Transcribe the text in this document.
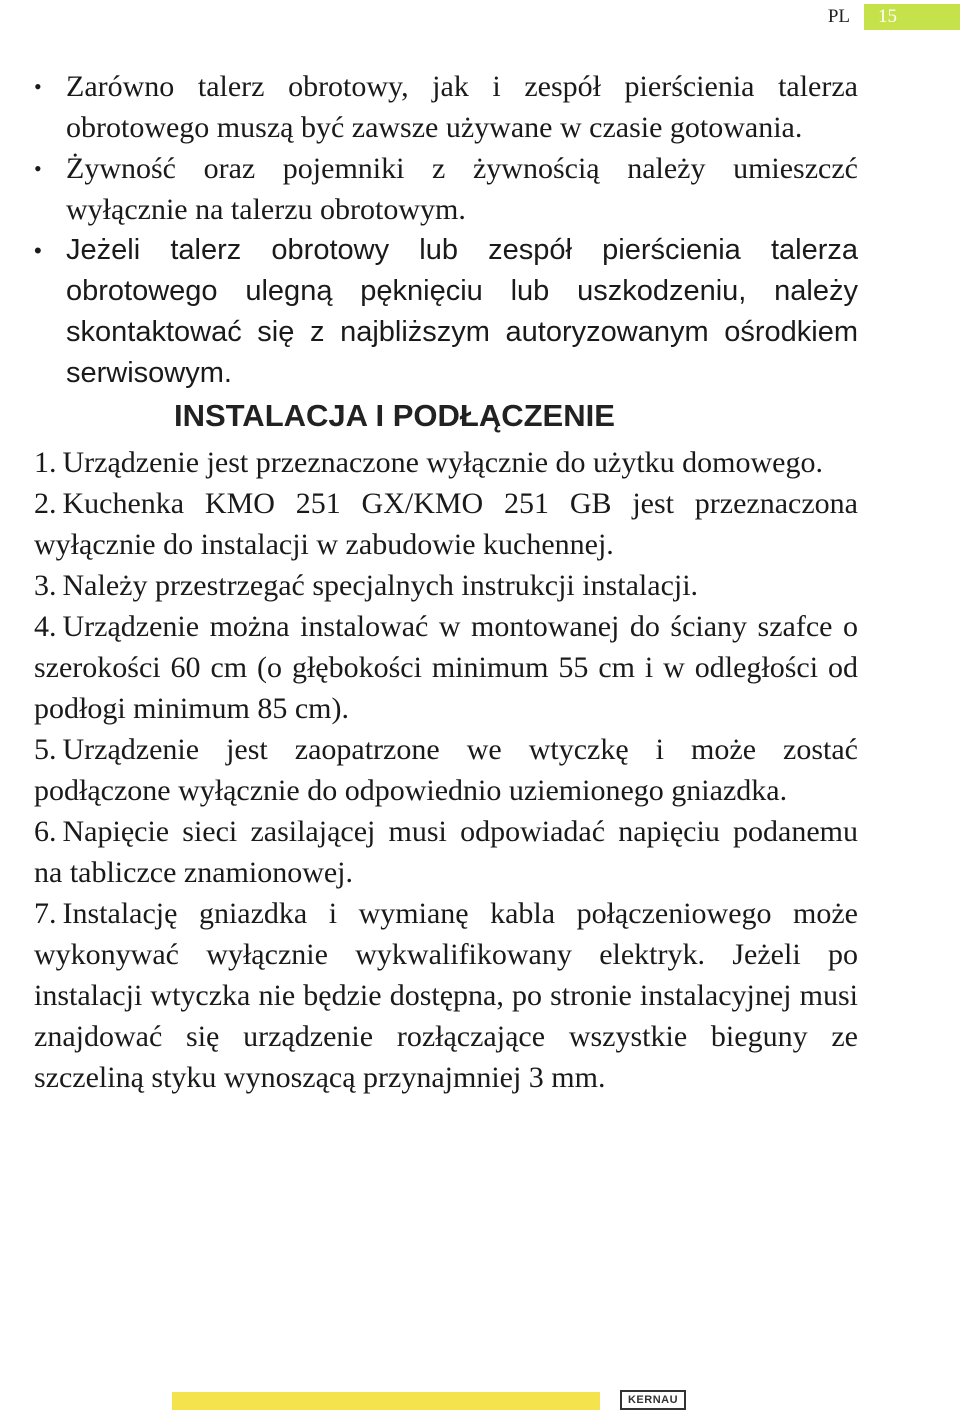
PL	15
• Zarówno talerz obrotowy, jak i zespół pierścienia talerza obrotowego muszą być zawsze używane w czasie gotowania.
• Żywność oraz pojemniki z żywnością należy umieszczć wyłącznie na talerzu obrotowym.
• Jeżeli talerz obrotowy lub zespół pierścienia talerza obrotowego ulegną pęknięciu lub uszkodzeniu, należy skontaktować się z najbliższym autoryzowanym ośrodkiem serwisowym.
INSTALACJA I PODŁĄCZENIE
1. Urządzenie jest przeznaczone wyłącznie do użytku domowego.
2. Kuchenka KMO 251 GX/KMO 251 GB jest przeznaczona wyłącznie do instalacji w zabudowie kuchennej.
3. Należy przestrzegać specjalnych instrukcji instalacji.
4. Urządzenie można instalować w montowanej do ściany szafce o szerokości 60 cm (o głębokości minimum 55 cm i w odległości od podłogi minimum 85 cm).
5. Urządzenie jest zaopatrzone we wtyczkę i może zostać podłączone wyłącznie do odpowiednio uziemionego gniazdka.
6. Napięcie sieci zasilającej musi odpowiadać napięciu podanemu na tabliczce znamionowej.
7. Instalację gniazdka i wymianę kabla połączeniowego może wykonywać wyłącznie wykwalifikowany elektryk. Jeżeli po instalacji wtyczka nie będzie dostępna, po stronie instalacyjnej musi znajdować się urządzenie rozłączające wszystkie bieguny ze szczeliną styku wynoszącą przynajmniej 3 mm.
KERNAU
